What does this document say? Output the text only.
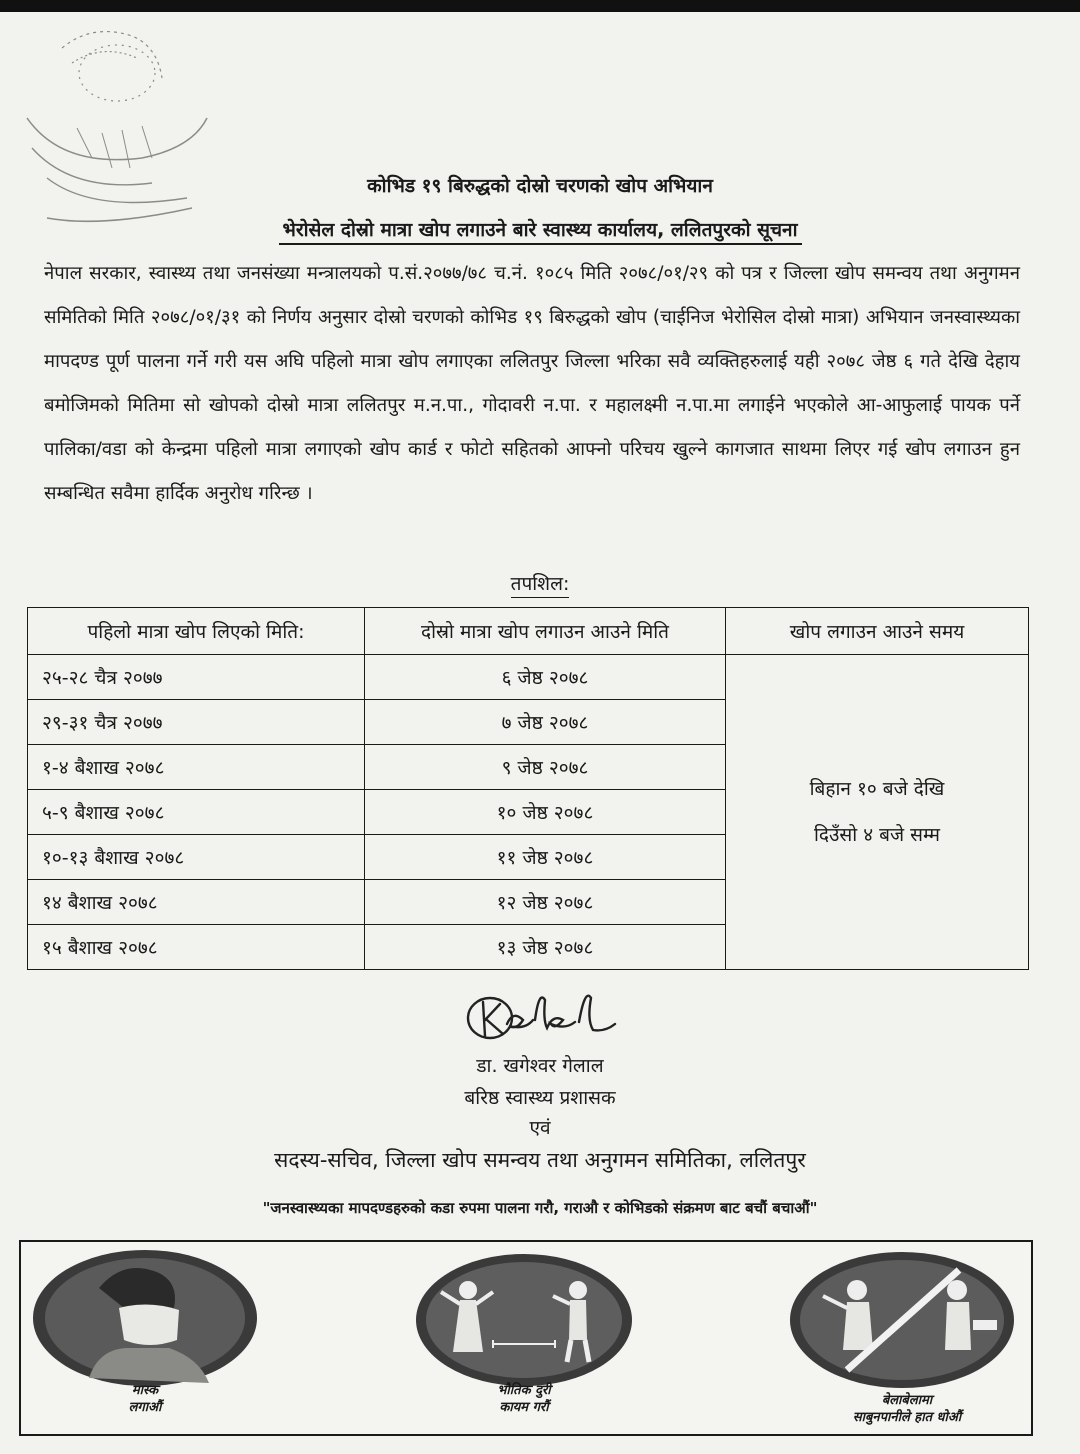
कोभिड १९ बिरुद्धको दोस्रो चरणको खोप अभियान
भेरोसेल दोस्रो मात्रा खोप लगाउने बारे स्वास्थ्य कार्यालय, ललितपुरको सूचना
नेपाल सरकार, स्वास्थ्य तथा जनसंख्या मन्त्रालयको प.सं.२०७७/७८ च.नं. १०८५ मिति २०७८/०१/२९ को पत्र र जिल्ला खोप समन्वय तथा अनुगमन समितिको मिति २०७८/०१/३१ को निर्णय अनुसार दोस्रो चरणको कोभिड १९ बिरुद्धको खोप (चाईनिज भेरोसिल दोस्रो मात्रा) अभियान जनस्वास्थ्यका मापदण्ड पूर्ण पालना गर्ने गरी यस अघि पहिलो मात्रा खोप लगाएका ललितपुर जिल्ला भरिका सवै व्यक्तिहरुलाई यही २०७८ जेष्ठ ६ गते देखि देहाय बमोजिमको मितिमा सो खोपको दोस्रो मात्रा ललितपुर म.न.पा., गोदावरी न.पा. र महालक्ष्मी न.पा.मा लगाईने भएकोले आ-आफुलाई पायक पर्ने पालिका/वडा को केन्द्रमा पहिलो मात्रा लगाएको खोप कार्ड र फोटो सहितको आफ्नो परिचय खुल्ने कागजात साथमा लिएर गई खोप लगाउन हुन सम्बन्धित सवैमा हार्दिक अनुरोध गरिन्छ ।
तपशिल:
पहिलो मात्रा खोप लिएको मिति:	दोस्रो मात्रा खोप लगाउन आउने मिति	खोप लगाउन आउने समय
२५-२८ चैत्र २०७७	६ जेष्ठ २०७८	बिहान १० बजे देखि
दिउँसो ४ बजे सम्म

२९-३१ चैत्र २०७७	७ जेष्ठ २०७८	
१-४ बैशाख २०७८	९ जेष्ठ २०७८	
५-९ बैशाख २०७८	१० जेष्ठ २०७८	
१०-१३ बैशाख २०७८	११ जेष्ठ २०७८	
१४ बैशाख २०७८	१२ जेष्ठ २०७८	
१५ बैशाख २०७८	१३ जेष्ठ २०७८	
डा. खगेश्वर गेलाल
बरिष्ठ स्वास्थ्य प्रशासक
एवं
सदस्य-सचिव, जिल्ला खोप समन्वय तथा अनुगमन समितिका, ललितपुर
"जनस्वास्थ्यका मापदण्डहरुको कडा रुपमा पालना गरौ, गराऔ र कोभिडको संक्रमण बाट बचौं बचाऔं"
मास्क
लगाऔं
भौतिक दुरी
कायम गरौं	बेलाबेलामा
साबुनपानीले हात धोऔं
